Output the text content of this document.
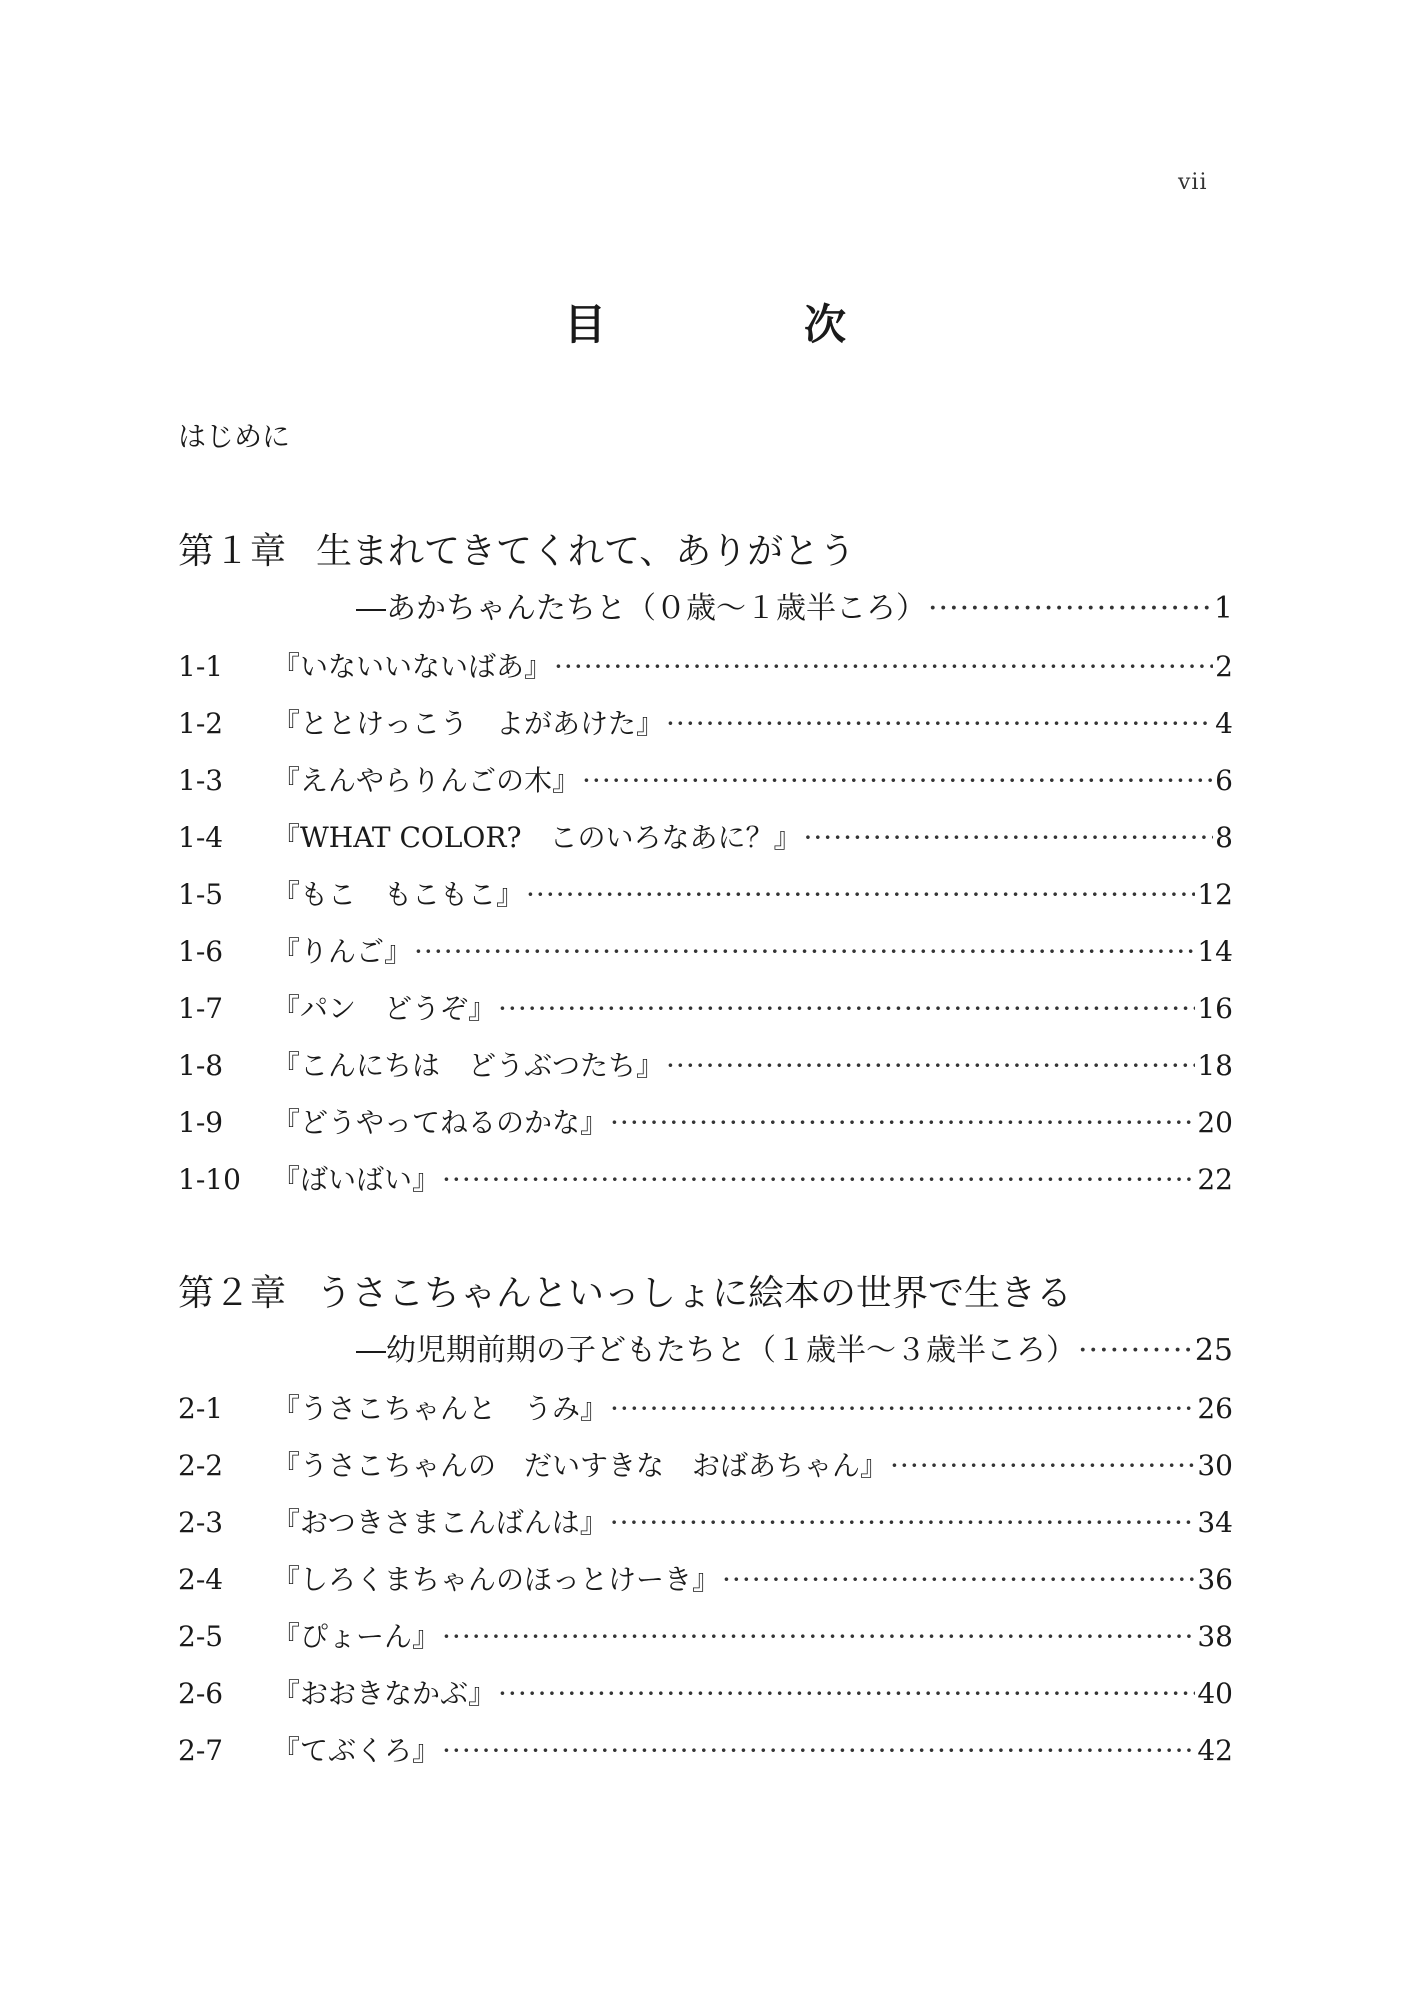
vii
目　次
はじめに
第１章 生まれてきてくれて、ありがとう
―あかちゃんたちと（０歳～１歳半ころ） ·····	1
1-1	『いないいないばあ』 ·····	2
1-2	『ととけっこう　よがあけた』 ·····	4
1-3	『えんやらりんごの木』 ·····	6
1-4	『WHAT COLOR?　このいろなあに？』 ·····	8
1-5	『もこ　もこもこ』 ·····	12
1-6	『りんご』 ·····	14
1-7	『パン　どうぞ』 ·····	16
1-8	『こんにちは　どうぶつたち』 ·····	18
1-9	『どうやってねるのかな』 ·····	20
1-10	『ばいばい』 ·····	22
第２章 うさこちゃんといっしょに絵本の世界で生きる
―幼児期前期の子どもたちと（１歳半～３歳半ころ） ·····	25
2-1	『うさこちゃんと　うみ』 ·····	26
2-2	『うさこちゃんの　だいすきな　おばあちゃん』 ·····	30
2-3	『おつきさまこんばんは』 ·····	34
2-4	『しろくまちゃんのほっとけーき』 ·····	36
2-5	『ぴょーん』 ·····	38
2-6	『おおきなかぶ』 ·····	40
2-7	『てぶくろ』 ·····	42
